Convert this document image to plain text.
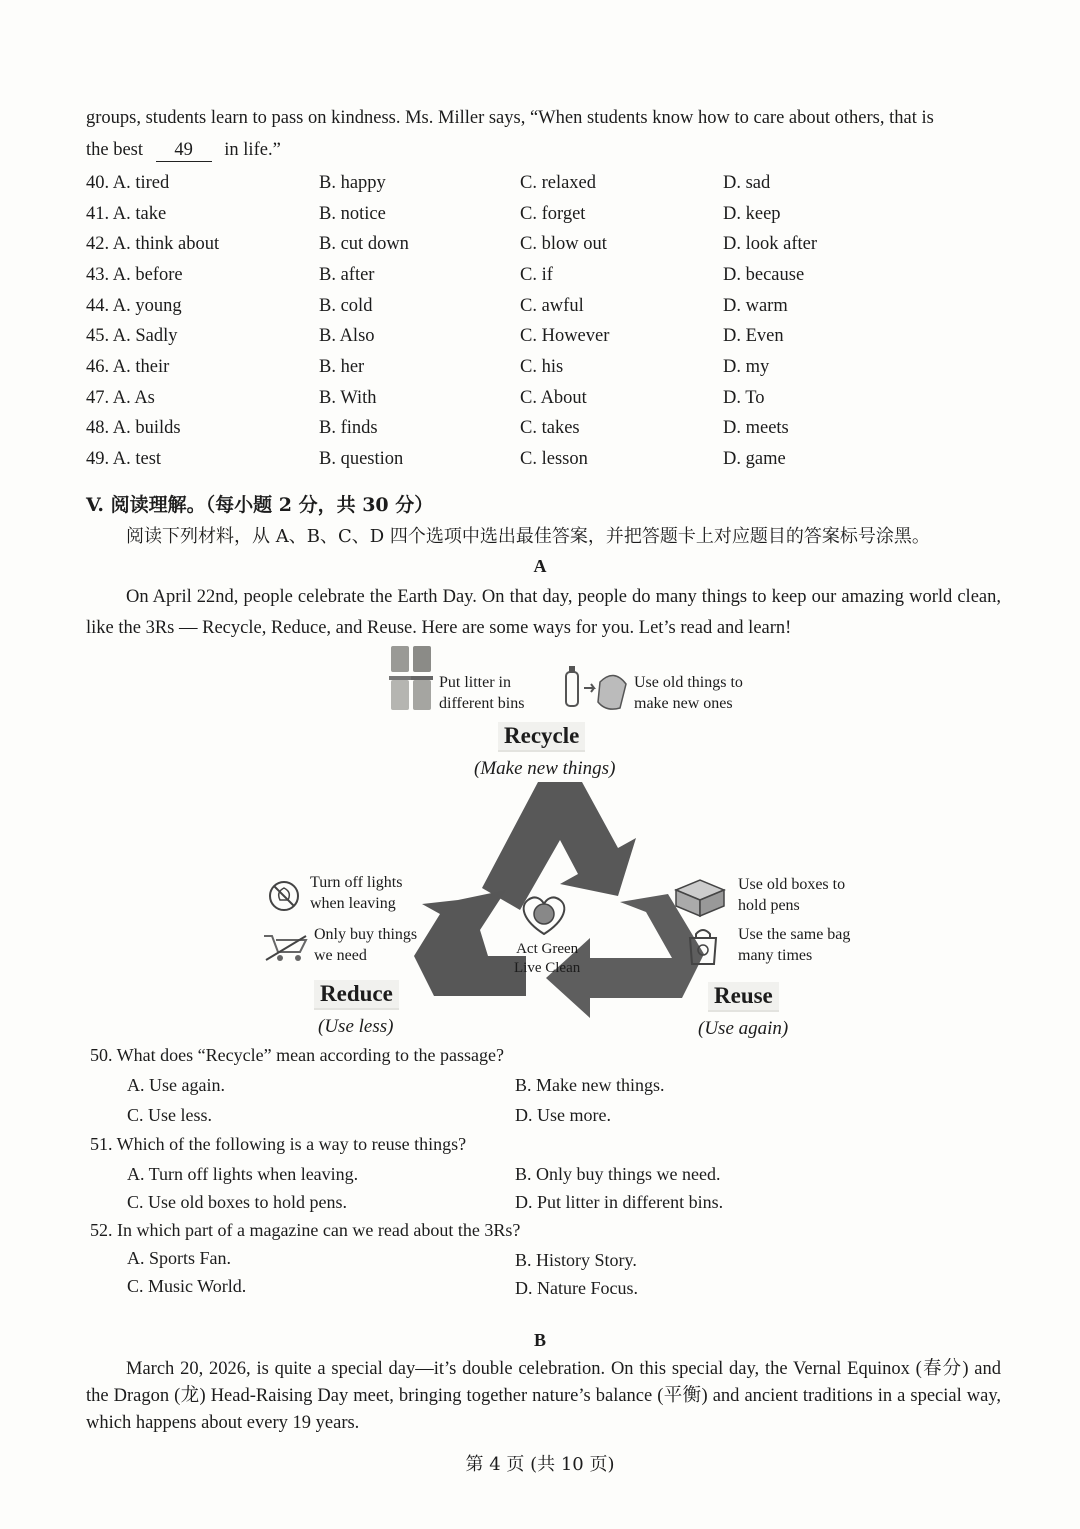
groups, students learn to pass on kindness. Ms. Miller says, “When students know how to care about others, that is
the best 49 in life.”
40. A. tired	B. happy	C. relaxed	D. sad
41. A. take	B. notice	C. forget	D. keep
42. A. think about	B. cut down	C. blow out	D. look after
43. A. before	B. after	C. if	D. because
44. A. young	B. cold	C. awful	D. warm
45. A. Sadly	B. Also	C. However	D. Even
46. A. their	B. her	C. his	D. my
47. A. As	B. With	C. About	D. To
48. A. builds	B. finds	C. takes	D. meets
49. A. test	B. question	C. lesson	D. game
V. 阅读理解。（每小题 2 分，共 30 分）
阅读下列材料，从 A、B、C、D 四个选项中选出最佳答案，并把答题卡上对应题目的答案标号涂黑。
A
On April 22nd, people celebrate the Earth Day. On that day, people do many things to keep our amazing world clean, like the 3Rs — Recycle, Reduce, and Reuse. Here are some ways for you. Let’s read and learn!
Put litter in different bins
Use old things to make new ones
Recycle
(Make new things)
Act Green
Live Clean
Turn off lights when leaving
Only buy things we need
Reduce
(Use less)
Use old boxes to hold pens
Use the same bag many times
Reuse
(Use again)
50. What does “Recycle” mean according to the passage?
A. Use again.	B. Make new things.
C. Use less.	D. Use more.
51. Which of the following is a way to reuse things?
A. Turn off lights when leaving.	B. Only buy things we need.
C. Use old boxes to hold pens.	D. Put litter in different bins.
52. In which part of a magazine can we read about the 3Rs?
A. Sports Fan.	B. History Story.
C. Music World.	D. Nature Focus.
B
March 20, 2026, is quite a special day—it’s double celebration. On this special day, the Vernal Equinox (春分) and the Dragon (龙) Head-Raising Day meet, bringing together nature’s balance (平衡) and ancient traditions in a special way, which happens about every 19 years.
第 4 页 (共 10 页)
